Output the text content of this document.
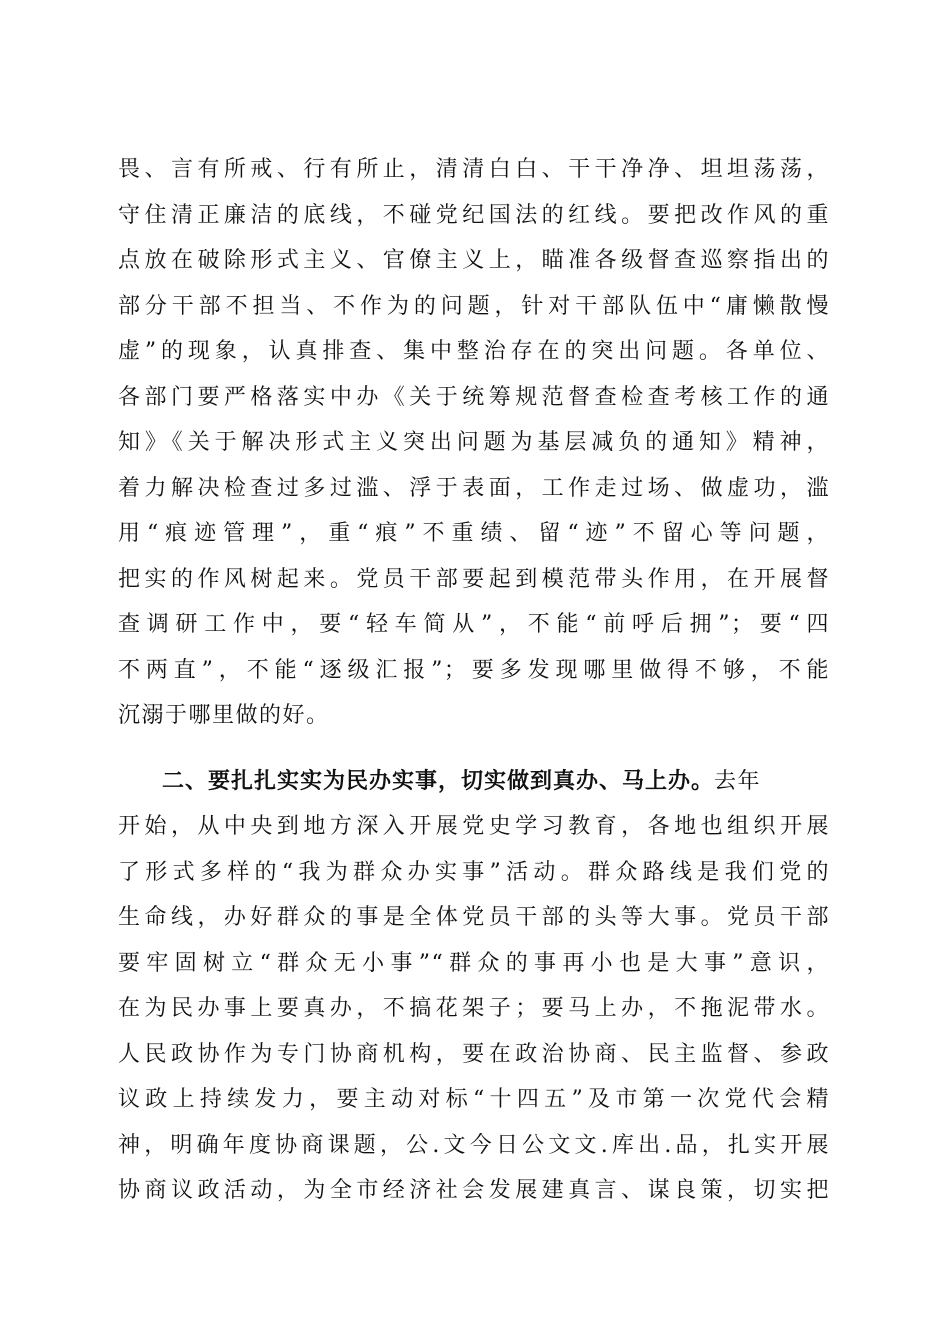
畏、言有所戒、行有所止，清清白白、干干净净、坦坦荡荡，
守住清正廉洁的底线，不碰党纪国法的红线。要把改作风的重
点放在破除形式主义、官僚主义上，瞄准各级督查巡察指出的
部分干部不担当、不作为的问题，针对干部队伍中“庸懒散慢
虚”的现象，认真排查、集中整治存在的突出问题。各单位、
各部门要严格落实中办《关于统筹规范督查检查考核工作的通
知》《关于解决形式主义突出问题为基层减负的通知》精神，
着力解决检查过多过滥、浮于表面，工作走过场、做虚功，滥
用“痕迹管理”，重“痕”不重绩、留“迹”不留心等问题，
把实的作风树起来。党员干部要起到模范带头作用，在开展督
查调研工作中，要“轻车简从”，不能“前呼后拥”；要“四
不两直”，不能“逐级汇报”；要多发现哪里做得不够，不能
沉溺于哪里做的好。
二、要扎扎实实为民办实事，切实做到真办、马上办。去年
开始，从中央到地方深入开展党史学习教育，各地也组织开展
了形式多样的“我为群众办实事”活动。群众路线是我们党的
生命线，办好群众的事是全体党员干部的头等大事。党员干部
要牢固树立“群众无小事”“群众的事再小也是大事”意识，
在为民办事上要真办，不搞花架子；要马上办，不拖泥带水。
人民政协作为专门协商机构，要在政治协商、民主监督、参政
议政上持续发力，要主动对标“十四五”及市第一次党代会精
神，明确年度协商课题，公.文今日公文文.库出.品，扎实开展
协商议政活动，为全市经济社会发展建真言、谋良策，切实把
